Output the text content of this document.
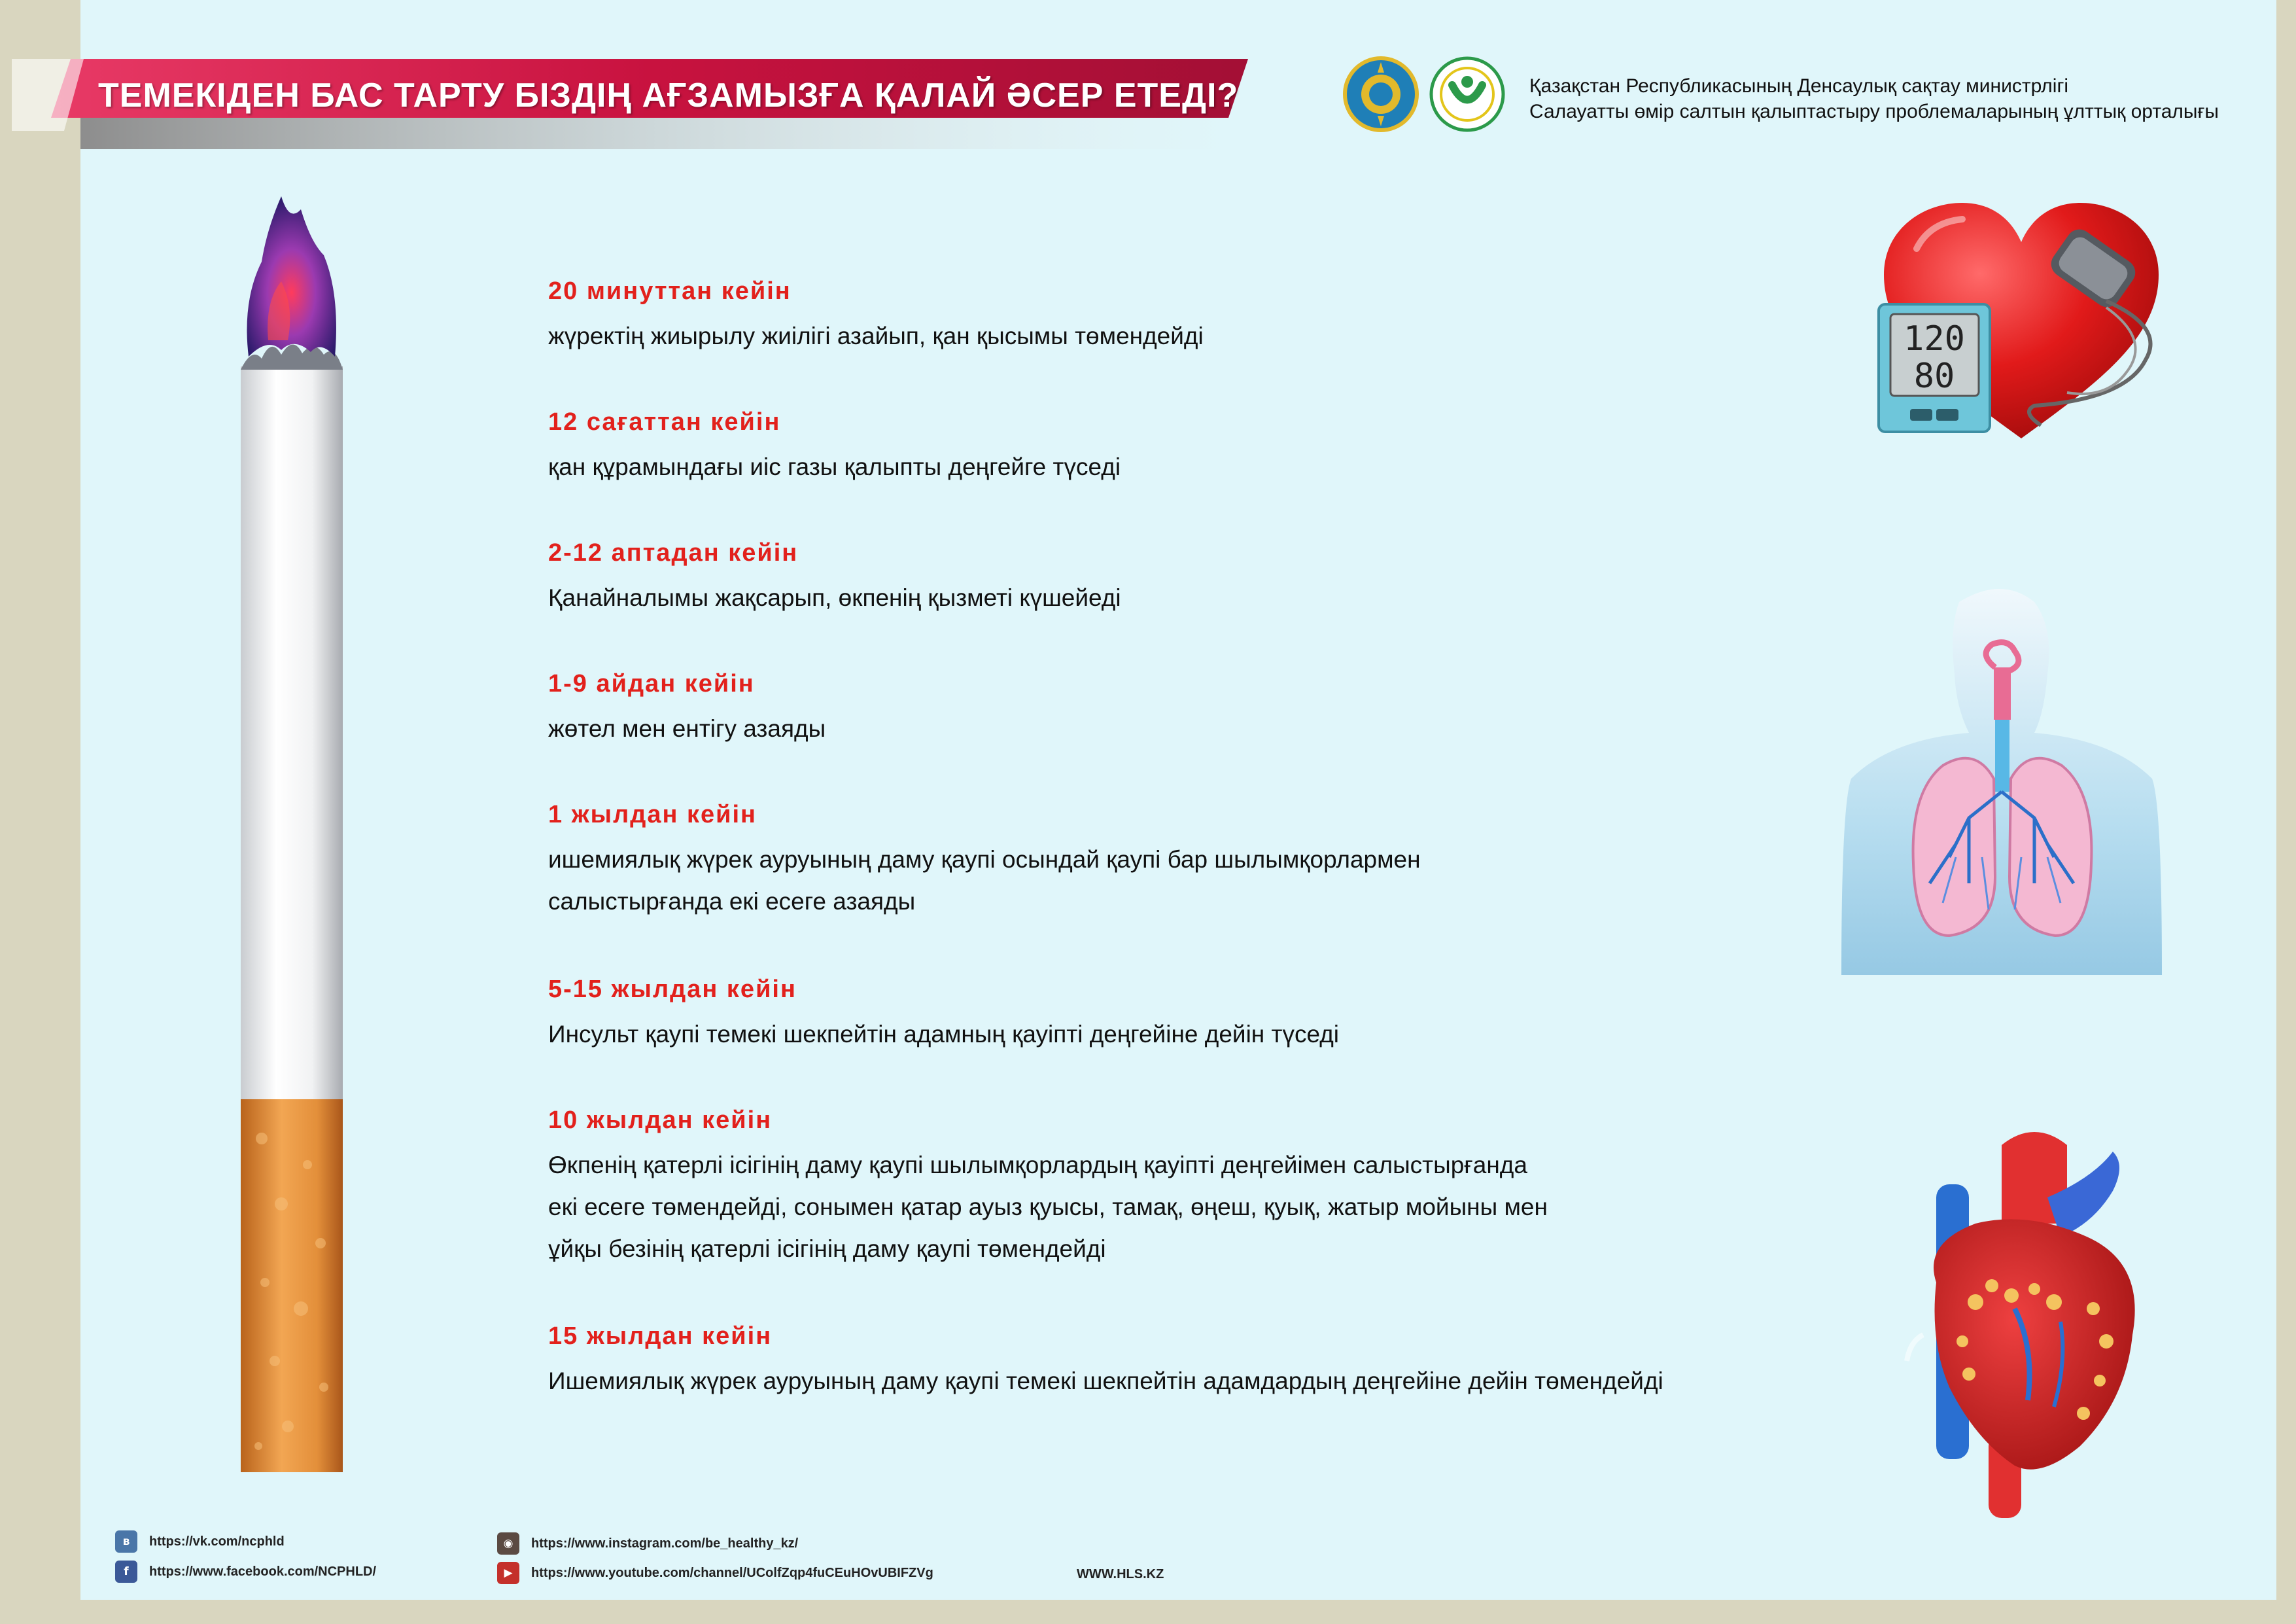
ТЕМЕКІДЕН БАС ТАРТУ БІЗДІҢ АҒЗАМЫЗҒА ҚАЛАЙ ӘСЕР ЕТЕДІ?	Қазақстан Республикасының Денсаулық сақтау министрлігі
Салауатты өмір салтын қалыптастыру проблемаларының ұлттық орталығы
20 минуттан кейін
жүректің жиырылу жиілігі азайып, қан қысымы төмендейді
12 сағаттан кейін
қан құрамындағы иіс газы қалыпты деңгейге түседі
2-12 аптадан кейін
Қанайналымы жақсарып, өкпенің қызметі күшейеді
1-9 айдан кейін
жөтел мен ентігу азаяды
1 жылдан кейін
ишемиялық жүрек ауруының даму қаупі осындай қаупі бар шылымқорлармен
салыстырғанда екі есеге азаяды
5-15 жылдан кейін
Инсульт қаупі темекі шекпейтін адамның қауіпті деңгейіне дейін түседі
10 жылдан кейін
Өкпенің қатерлі ісігінің даму қаупі шылымқорлардың қауіпті деңгейімен салыстырғанда
екі есеге төмендейді, сонымен қатар ауыз қуысы, тамақ, өңеш, қуық, жатыр мойыны мен
ұйқы безінің қатерлі ісігінің даму қаупі төмендейді
15 жылдан кейін
Ишемиялық жүрек ауруының даму қаупі темекі шекпейтін адамдардың деңгейіне дейін төмендейді
120
80
в	https://vk.com/ncphld
f	https://www.facebook.com/NCPHLD/
◉	https://www.instagram.com/be_healthy_kz/
▶	https://www.youtube.com/channel/UColfZqp4fuCEuHOvUBIFZVg	WWW.HLS.KZ
